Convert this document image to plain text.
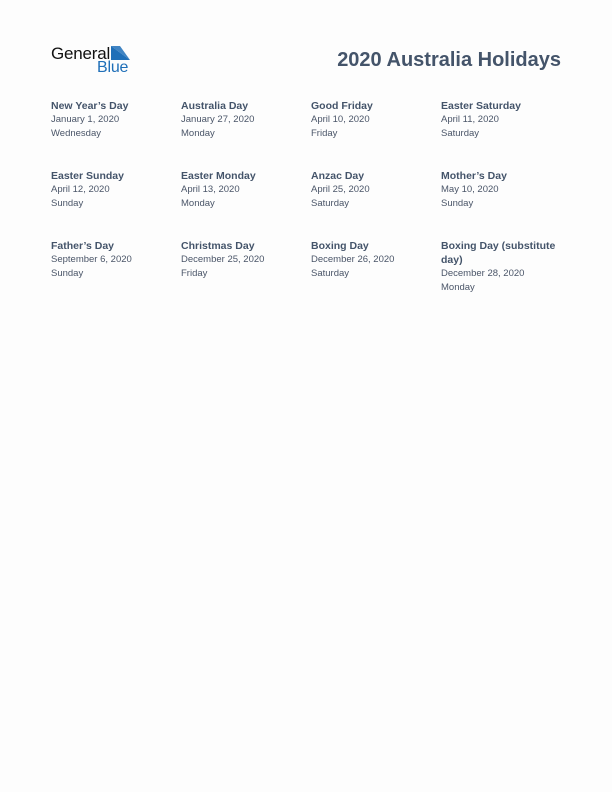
General
Blue	2020 Australia Holidays
New Year’s Day
January 1, 2020
Wednesday
Australia Day
January 27, 2020
Monday
Good Friday
April 10, 2020
Friday
Easter Saturday
April 11, 2020
Saturday
Easter Sunday
April 12, 2020
Sunday
Easter Monday
April 13, 2020
Monday
Anzac Day
April 25, 2020
Saturday
Mother’s Day
May 10, 2020
Sunday
Father’s Day
September 6, 2020
Sunday
Christmas Day
December 25, 2020
Friday
Boxing Day
December 26, 2020
Saturday
Boxing Day (substitute day)
December 28, 2020
Monday
